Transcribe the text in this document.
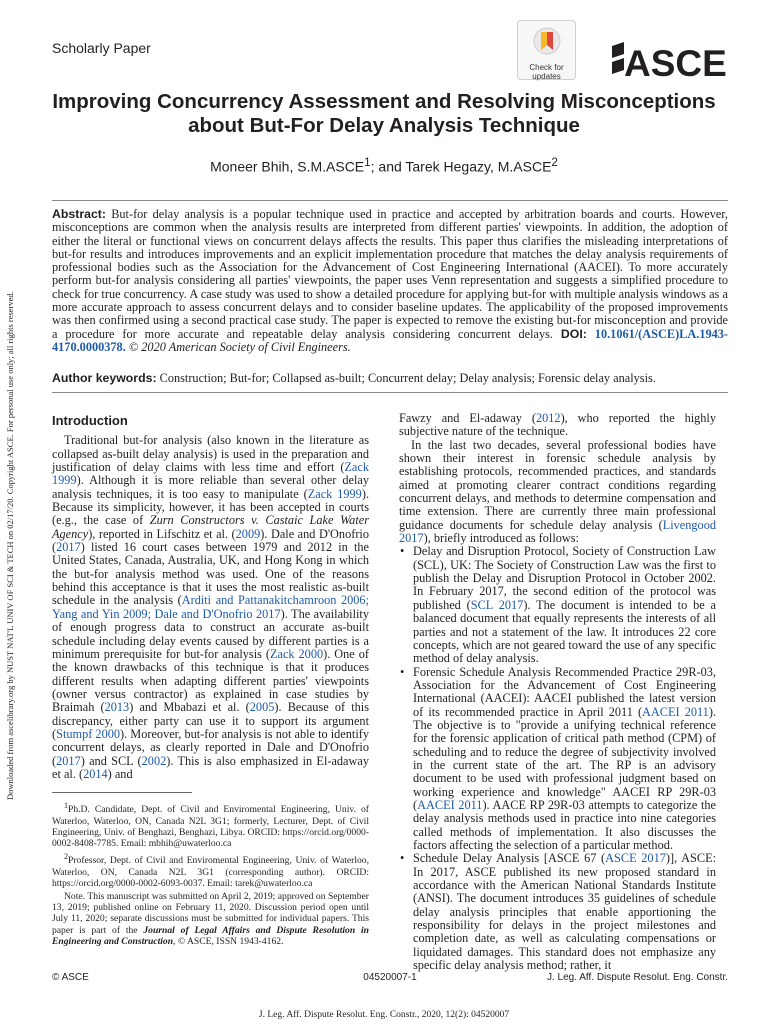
Scholarly Paper
Check for updates	ASCE
Improving Concurrency Assessment and Resolving Misconceptions about But-For Delay Analysis Technique
Moneer Bhih, S.M.ASCE$^1$; and Tarek Hegazy, M.ASCE$^2$
Downloaded from ascelibrary.org by NUST NAT'L UNIV OF SCI & TECH on 02/17/20. Copyright ASCE. For personal use only; all rights reserved.
Abstract: But-for delay analysis is a popular technique used in practice and accepted by arbitration boards and courts. However, misconceptions are common when the analysis results are interpreted from different parties' viewpoints. In addition, the adoption of either the literal or functional views on concurrent delays affects the results. This paper thus clarifies the misleading interpretations of but-for results and introduces improvements and an explicit implementation procedure that matches the delay analysis requirements of professional bodies such as the Association for the Advancement of Cost Engineering International (AACEI). To more accurately perform but-for analysis considering all parties' viewpoints, the paper uses Venn representation and suggests a simplified procedure to check for true concurrency. A case study was used to show a detailed procedure for applying but-for with multiple analysis windows as a more accurate approach to assess concurrent delays and to consider baseline updates. The applicability of the proposed improvements was then confirmed using a second practical case study. The paper is expected to remove the existing but-for misconception and provide a procedure for more accurate and repeatable delay analysis considering concurrent delays. DOI: 10.1061/(ASCE)LA.1943-4170.0000378. © 2020 American Society of Civil Engineers.
Author keywords: Construction; But-for; Collapsed as-built; Concurrent delay; Delay analysis; Forensic delay analysis.
Introduction

Traditional but-for analysis (also known in the literature as collapsed as-built delay analysis) is used in the preparation and justification of delay claims with less time and effort (Zack 1999). Although it is more reliable than several other delay analysis techniques, it is too easy to manipulate (Zack 1999). Because its simplicity, however, it has been accepted in courts (e.g., the case of Zurn Constructors v. Castaic Lake Water Agency), reported in Lifschitz et al. (2009). Dale and D'Onofrio (2017) listed 16 court cases between 1979 and 2012 in the United States, Canada, Australia, UK, and Hong Kong in which the but-for analysis method was used. One of the reasons behind this acceptance is that it uses the most realistic as-built schedule in the analysis (Arditi and Pattanakitchamroon 2006; Yang and Yin 2009; Dale and D'Onofrio 2017). The availability of enough progress data to construct an accurate as-built schedule including delay events caused by different parties is a minimum prerequisite for but-for analysis (Zack 2000). One of the known drawbacks of this technique is that it produces different results when adapting different parties' viewpoints (owner versus contractor) as explained in case studies by Braimah (2013) and Mbabazi et al. (2005). Because of this discrepancy, either party can use it to support its argument (Stumpf 2000). Moreover, but-for analysis is not able to identify concurrent delays, as clearly reported in Dale and D'Onofrio (2017) and SCL (2002). This is also emphasized in El-adaway et al. (2014) and

$^1$Ph.D. Candidate, Dept. of Civil and Enviromental Engineering, Univ. of Waterloo, Waterloo, ON, Canada N2L 3G1; formerly, Lecturer, Dept. of Civil Engineering, Univ. of Benghazi, Benghazi, Libya. ORCID: https://orcid.org/0000-0002-8408-7785. Email: mbhih@uwaterloo.ca

$^2$Professor, Dept. of Civil and Enviromental Engineering, Univ. of Waterloo, Waterloo, ON, Canada N2L 3G1 (corresponding author). ORCID: https://orcid.org/0000-0002-6093-0037. Email: tarek@uwaterloo.ca

Note. This manuscript was submitted on April 2, 2019; approved on September 13, 2019; published online on February 11, 2020. Discussion period open until July 11, 2020; separate discussions must be submitted for individual papers. This paper is part of the Journal of Legal Affairs and Dispute Resolution in Engineering and Construction, © ASCE, ISSN 1943-4162.

Fawzy and El-adaway (2012), who reported the highly subjective nature of the technique.

In the last two decades, several professional bodies have shown their interest in forensic schedule analysis by establishing protocols, recommended practices, and standards aimed at promoting clearer contract conditions regarding concurrent delays, and methods to determine compensation and time extension. There are currently three main professional guidance documents for schedule delay analysis (Livengood 2017), briefly introduced as follows:

• Delay and Disruption Protocol, Society of Construction Law (SCL), UK: The Society of Construction Law was the first to publish the Delay and Disruption Protocol in October 2002. In February 2017, the second edition of the protocol was published (SCL 2017). The document is intended to be a balanced document that equally represents the interests of all parties and not a statement of the law. It introduces 22 core concepts, which are not geared toward the use of any specific method of delay analysis.
• Forensic Schedule Analysis Recommended Practice 29R-03, Association for the Advancement of Cost Engineering International (AACEI): AACEI published the latest version of its recommended practice in April 2011 (AACEI 2011). The objective is to "provide a unifying technical reference for the forensic application of critical path method (CPM) of scheduling and to reduce the degree of subjectivity involved in the current state of the art. The RP is an advisory document to be used with professional judgment based on working experience and knowledge" AACEI RP 29R-03 (AACEI 2011). AACE RP 29R-03 attempts to categorize the delay analysis methods used in practice into nine categories called methods of implementation. It also discusses the factors affecting the selection of a particular method.
• Schedule Delay Analysis [ASCE 67 (ASCE 2017)], ASCE: In 2017, ASCE published its new proposed standard in accordance with the American National Standards Institute (ANSI). The document introduces 35 guidelines of schedule delay analysis principles that enable apportioning the responsibility for delays in the project milestones and completion date, as well as calculating compensations or liquidated damages. This standard does not emphasize any specific delay analysis method; rather, it
© ASCE	04520007-1	J. Leg. Aff. Dispute Resolut. Eng. Constr.
J. Leg. Aff. Dispute Resolut. Eng. Constr., 2020, 12(2): 04520007
